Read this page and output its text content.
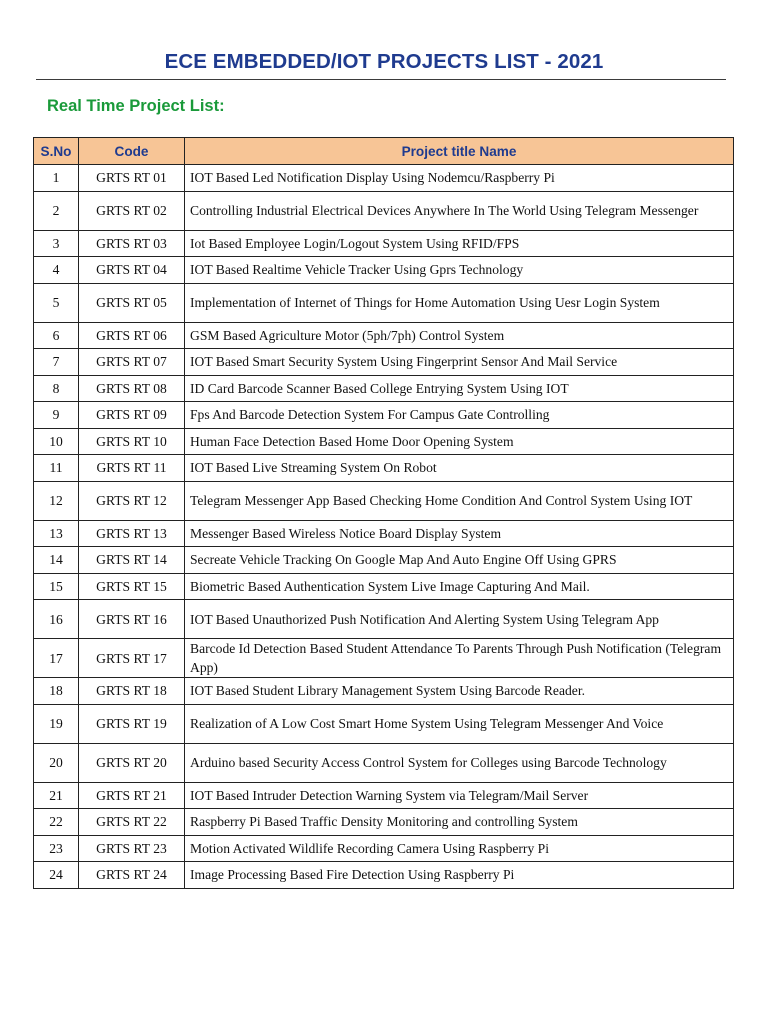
ECE EMBEDDED/IOT PROJECTS LIST - 2021
Real Time Project List:
S.No	Code	Project title Name
1	GRTS RT 01	IOT Based Led Notification Display Using Nodemcu/Raspberry Pi
2	GRTS RT 02	Controlling Industrial Electrical Devices Anywhere In The World Using Telegram Messenger
3	GRTS RT 03	Iot Based Employee Login/Logout System Using RFID/FPS
4	GRTS RT 04	IOT Based Realtime Vehicle Tracker Using Gprs Technology
5	GRTS RT 05	Implementation of Internet of Things for Home Automation Using Uesr Login System
6	GRTS RT 06	GSM Based Agriculture Motor (5ph/7ph) Control System
7	GRTS RT 07	IOT Based Smart Security System Using Fingerprint Sensor And Mail Service
8	GRTS RT 08	ID Card Barcode Scanner Based College Entrying System Using IOT
9	GRTS RT 09	Fps And Barcode Detection System For Campus Gate Controlling
10	GRTS RT 10	Human Face Detection Based Home Door Opening System
11	GRTS RT 11	IOT Based Live Streaming System On Robot
12	GRTS RT 12	Telegram Messenger App Based Checking Home Condition And Control System Using IOT
13	GRTS RT 13	Messenger Based Wireless Notice Board Display System
14	GRTS RT 14	Secreate Vehicle Tracking On Google Map And Auto Engine Off Using GPRS
15	GRTS RT 15	Biometric Based Authentication System Live Image Capturing And Mail.
16	GRTS RT 16	IOT Based Unauthorized Push Notification And Alerting System Using Telegram App
17	GRTS RT 17	Barcode Id Detection Based Student Attendance To Parents Through Push Notification (Telegram App)
18	GRTS RT 18	IOT Based Student Library Management System Using Barcode Reader.
19	GRTS RT 19	Realization of A Low Cost Smart Home System Using Telegram Messenger And Voice
20	GRTS RT 20	Arduino based Security Access Control System for Colleges using Barcode Technology
21	GRTS RT 21	IOT Based Intruder Detection Warning System via Telegram/Mail Server
22	GRTS RT 22	Raspberry Pi Based Traffic Density Monitoring and controlling System
23	GRTS RT 23	Motion Activated Wildlife Recording Camera Using Raspberry Pi
24	GRTS RT 24	Image Processing Based Fire Detection Using Raspberry Pi
